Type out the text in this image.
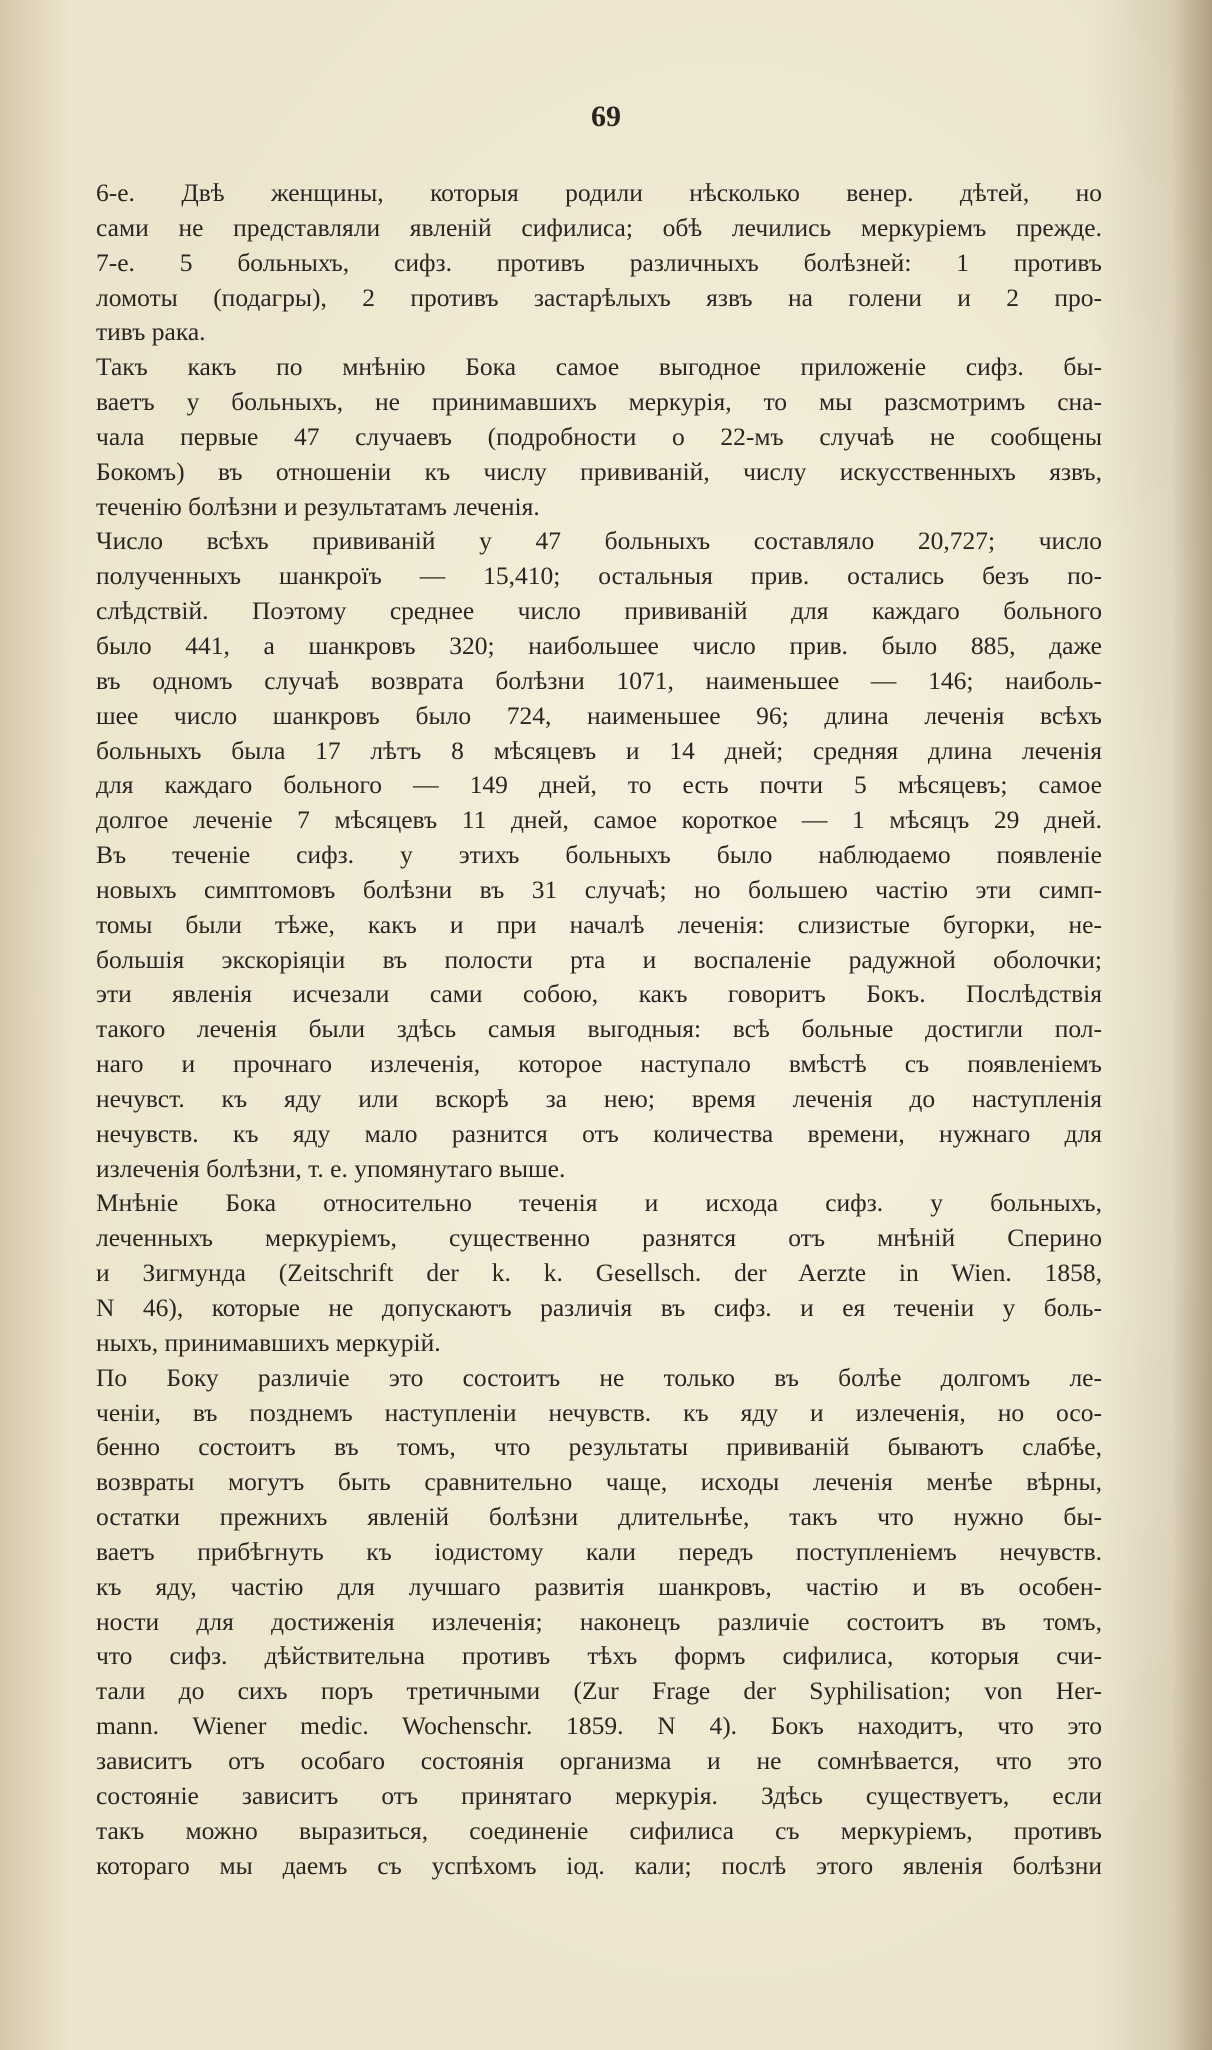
69
6-е. Двѣ женщины, которыя родили нѣсколько венер. дѣтей, но
сами не представляли явленій сифилиса; обѣ лечились меркуріемъ прежде.
7-е. 5 больныхъ, сифз. противъ различныхъ болѣзней: 1 противъ
ломоты (подагры), 2 противъ застарѣлыхъ язвъ на голени и 2 про-
тивъ рака.
Такъ какъ по мнѣнію Бока самое выгодное приложеніе сифз. бы-
ваетъ у больныхъ, не принимавшихъ меркурія, то мы разсмотримъ сна-
чала первые 47 случаевъ (подробности о 22-мъ случаѣ не сообщены
Бокомъ) въ отношеніи къ числу прививаній, числу искусственныхъ язвъ,
теченію болѣзни и результатамъ леченія.
Число всѣхъ прививаній у 47 больныхъ составляло 20,727; число
полученныхъ шанкроїъ — 15,410; остальныя прив. остались безъ по-
слѣдствій. Поэтому среднее число прививаній для каждаго больного
было 441, а шанкровъ 320; наибольшее число прив. было 885, даже
въ одномъ случаѣ возврата болѣзни 1071, наименьшее — 146; наиболь-
шее число шанкровъ было 724, наименьшее 96; длина леченія всѣхъ
больныхъ была 17 лѣтъ 8 мѣсяцевъ и 14 дней; средняя длина леченія
для каждаго больного — 149 дней, то есть почти 5 мѣсяцевъ; самое
долгое леченіе 7 мѣсяцевъ 11 дней, самое короткое — 1 мѣсяцъ 29 дней.
Въ теченіе сифз. у этихъ больныхъ было наблюдаемо появленіе
новыхъ симптомовъ болѣзни въ 31 случаѣ; но большею частію эти симп-
томы были тѣже, какъ и при началѣ леченія: слизистые бугорки, не-
большія экскоріяціи въ полости рта и воспаленіе радужной оболочки;
эти явленія исчезали сами собою, какъ говоритъ Бокъ. Послѣдствія
такого леченія были здѣсь самыя выгодныя: всѣ больные достигли пол-
наго и прочнаго излеченія, которое наступало вмѣстѣ съ появленіемъ
нечувст. къ яду или вскорѣ за нею; время леченія до наступленія
нечувств. къ яду мало разнится отъ количества времени, нужнаго для
излеченія болѣзни, т. е. упомянутаго выше.
Мнѣніе Бока относительно теченія и исхода сифз. у больныхъ,
леченныхъ меркуріемъ, существенно разнятся отъ мнѣній Сперино
и Зигмунда (Zeitschrift der k. k. Gesellsch. der Aerzte in Wien. 1858,
N 46), которые не допускаютъ различія въ сифз. и ея теченіи у боль-
ныхъ, принимавшихъ меркурій.
По Боку различіе это состоитъ не только въ болѣе долгомъ ле-
ченіи, въ позднемъ наступленіи нечувств. къ яду и излеченія, но осо-
бенно состоитъ въ томъ, что результаты прививаній бываютъ слабѣе,
возвраты могутъ быть сравнительно чаще, исходы леченія менѣе вѣрны,
остатки прежнихъ явленій болѣзни длительнѣе, такъ что нужно бы-
ваетъ прибѣгнуть къ іодистому кали передъ поступленіемъ нечувств.
къ яду, частію для лучшаго развитія шанкровъ, частію и въ особен-
ности для достиженія излеченія; наконецъ различіе состоитъ въ томъ,
что сифз. дѣйствительна противъ тѣхъ формъ сифилиса, которыя счи-
тали до сихъ поръ третичными (Zur Frage der Syphilisation; von Her-
mann. Wiener medic. Wochenschr. 1859. N 4). Бокъ находитъ, что это
зависитъ отъ особаго состоянія организма и не сомнѣвается, что это
состояніе зависитъ отъ принятаго меркурія. Здѣсь существуетъ, если
такъ можно выразиться, соединеніе сифилиса съ меркуріемъ, противъ
котораго мы даемъ съ успѣхомъ іод. кали; послѣ этого явленія болѣзни
